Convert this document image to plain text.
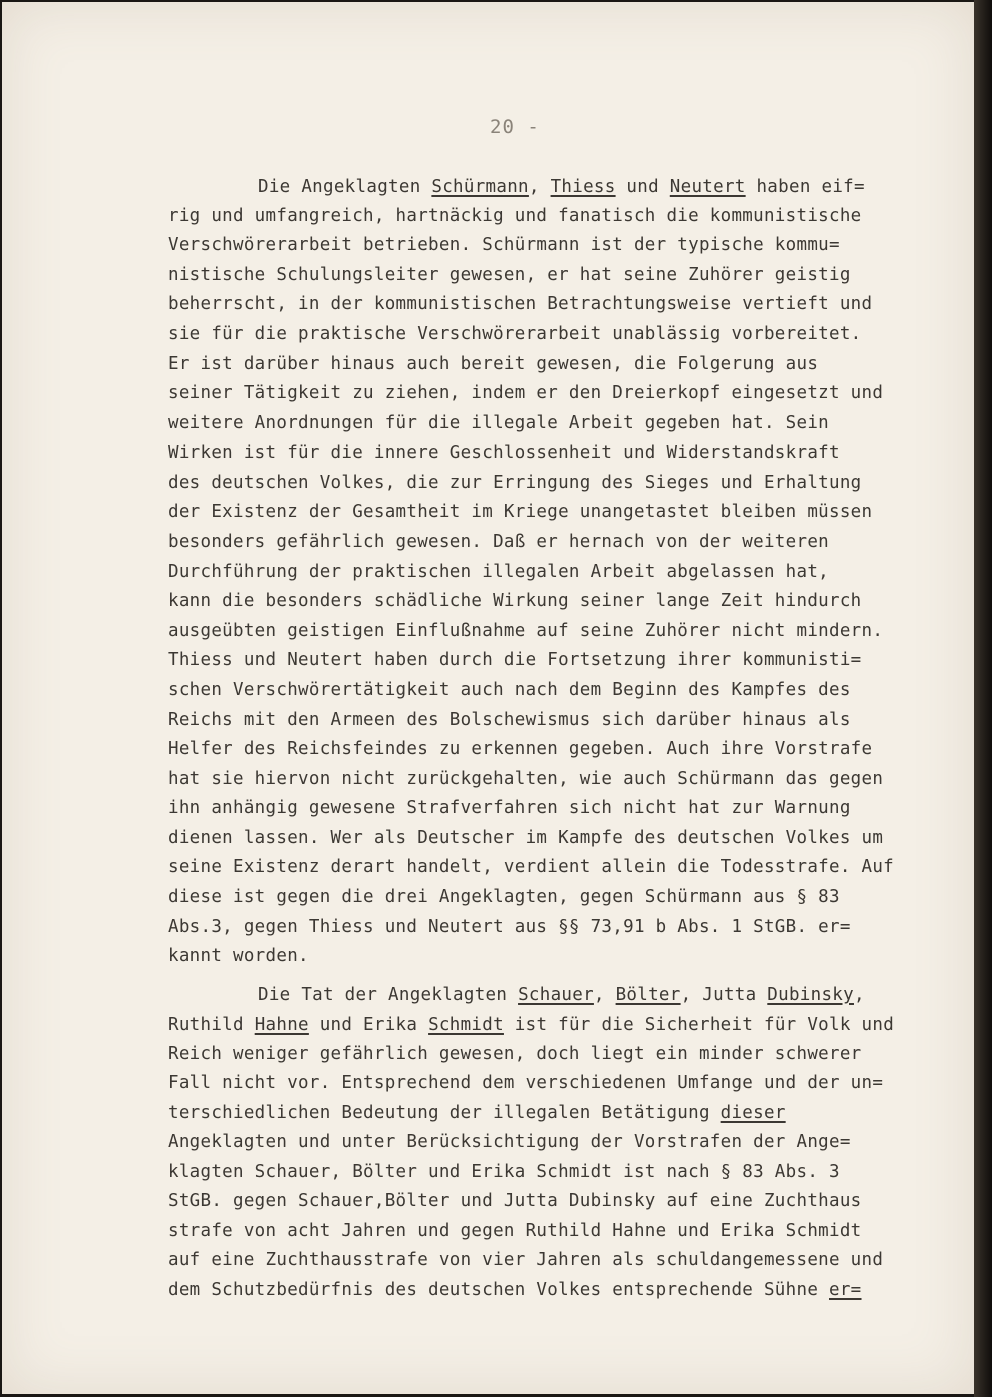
20 -
Die Angeklagten Schürmann, Thiess und Neutert haben eif=
rig und umfangreich, hartnäckig und fanatisch die kommunistische
Verschwörerarbeit betrieben. Schürmann ist der typische kommu=
nistische Schulungsleiter gewesen, er hat seine Zuhörer geistig
beherrscht, in der kommunistischen Betrachtungsweise vertieft und
sie für die praktische Verschwörerarbeit unablässig vorbereitet.
Er ist darüber hinaus auch bereit gewesen, die Folgerung aus
seiner Tätigkeit zu ziehen, indem er den Dreierkopf eingesetzt und
weitere Anordnungen für die illegale Arbeit gegeben hat. Sein
Wirken ist für die innere Geschlossenheit und Widerstandskraft
des deutschen Volkes, die zur Erringung des Sieges und Erhaltung
der Existenz der Gesamtheit im Kriege unangetastet bleiben müssen
besonders gefährlich gewesen. Daß er hernach von der weiteren
Durchführung der praktischen illegalen Arbeit abgelassen hat,
kann die besonders schädliche Wirkung seiner lange Zeit hindurch
ausgeübten geistigen Einflußnahme auf seine Zuhörer nicht mindern.
Thiess und Neutert haben durch die Fortsetzung ihrer kommunisti=
schen Verschwörertätigkeit auch nach dem Beginn des Kampfes des
Reichs mit den Armeen des Bolschewismus sich darüber hinaus als
Helfer des Reichsfeindes zu erkennen gegeben. Auch ihre Vorstrafe
hat sie hiervon nicht zurückgehalten, wie auch Schürmann das gegen
ihn anhängig gewesene Strafverfahren sich nicht hat zur Warnung
dienen lassen. Wer als Deutscher im Kampfe des deutschen Volkes um
seine Existenz derart handelt, verdient allein die Todesstrafe. Auf
diese ist gegen die drei Angeklagten, gegen Schürmann aus § 83
Abs.3, gegen Thiess und Neutert aus §§ 73,91 b Abs. 1 StGB. er=
kannt worden.
Die Tat der Angeklagten Schauer, Bölter, Jutta Dubinsky,
Ruthild Hahne und Erika Schmidt ist für die Sicherheit für Volk und
Reich weniger gefährlich gewesen, doch liegt ein minder schwerer
Fall nicht vor. Entsprechend dem verschiedenen Umfange und der un=
terschiedlichen Bedeutung der illegalen Betätigung dieser
Angeklagten und unter Berücksichtigung der Vorstrafen der Ange=
klagten Schauer, Bölter und Erika Schmidt ist nach § 83 Abs. 3
StGB. gegen Schauer,Bölter und Jutta Dubinsky auf eine Zuchthaus
strafe von acht Jahren und gegen Ruthild Hahne und Erika Schmidt
auf eine Zuchthausstrafe von vier Jahren als schuldangemessene und
dem Schutzbedürfnis des deutschen Volkes entsprechende Sühne er=
